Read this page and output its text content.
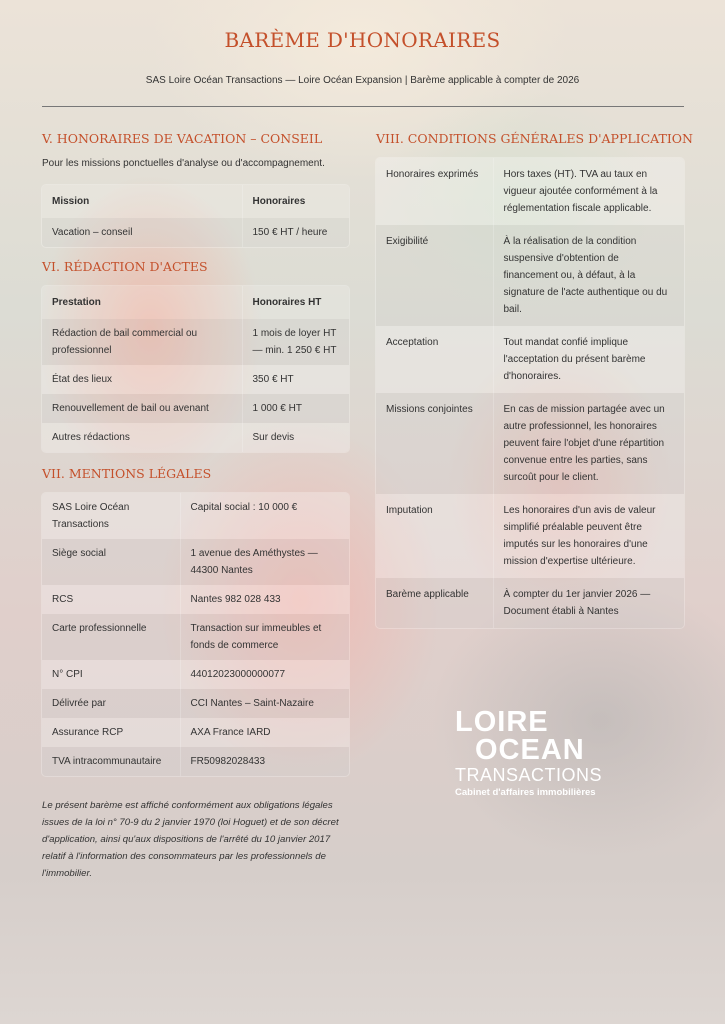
BARÈME D'HONORAIRES
SAS Loire Océan Transactions — Loire Océan Expansion | Barème applicable à compter de 2026
V. HONORAIRES DE VACATION – CONSEIL
Pour les missions ponctuelles d'analyse ou d'accompagnement.
Mission	Honoraires
Vacation – conseil	150 € HT / heure
VI. RÉDACTION D'ACTES
Prestation	Honoraires HT
Rédaction de bail commercial ou professionnel	1 mois de loyer HT — min. 1 250 € HT
État des lieux	350 € HT
Renouvellement de bail ou avenant	1 000 € HT
Autres rédactions	Sur devis
VII. MENTIONS LÉGALES
SAS Loire Océan Transactions	Capital social : 10 000 €
Siège social	1 avenue des Améthystes — 44300 Nantes
RCS	Nantes 982 028 433
Carte professionnelle	Transaction sur immeubles et fonds de commerce
N° CPI	44012023000000077
Délivrée par	CCI Nantes – Saint-Nazaire
Assurance RCP	AXA France IARD
TVA intracommunautaire	FR50982028433
Le présent barème est affiché conformément aux obligations légales issues de la loi n° 70-9 du 2 janvier 1970 (loi Hoguet) et de son décret d'application, ainsi qu'aux dispositions de l'arrêté du 10 janvier 2017 relatif à l'information des consommateurs par les professionnels de l'immobilier.
VIII. CONDITIONS GÉNÉRALES D'APPLICATION
Honoraires exprimés	Hors taxes (HT). TVA au taux en vigueur ajoutée conformément à la réglementation fiscale applicable.
Exigibilité	À la réalisation de la condition suspensive d'obtention de financement ou, à défaut, à la signature de l'acte authentique ou du bail.
Acceptation	Tout mandat confié implique l'acceptation du présent barème d'honoraires.
Missions conjointes	En cas de mission partagée avec un autre professionnel, les honoraires peuvent faire l'objet d'une répartition convenue entre les parties, sans surcoût pour le client.
Imputation	Les honoraires d'un avis de valeur simplifié préalable peuvent être imputés sur les honoraires d'une mission d'expertise ultérieure.
Barème applicable	À compter du 1er janvier 2026 — Document établi à Nantes
LOIRE
OCEAN
TRANSACTIONS
Cabinet d'affaires immobilières
